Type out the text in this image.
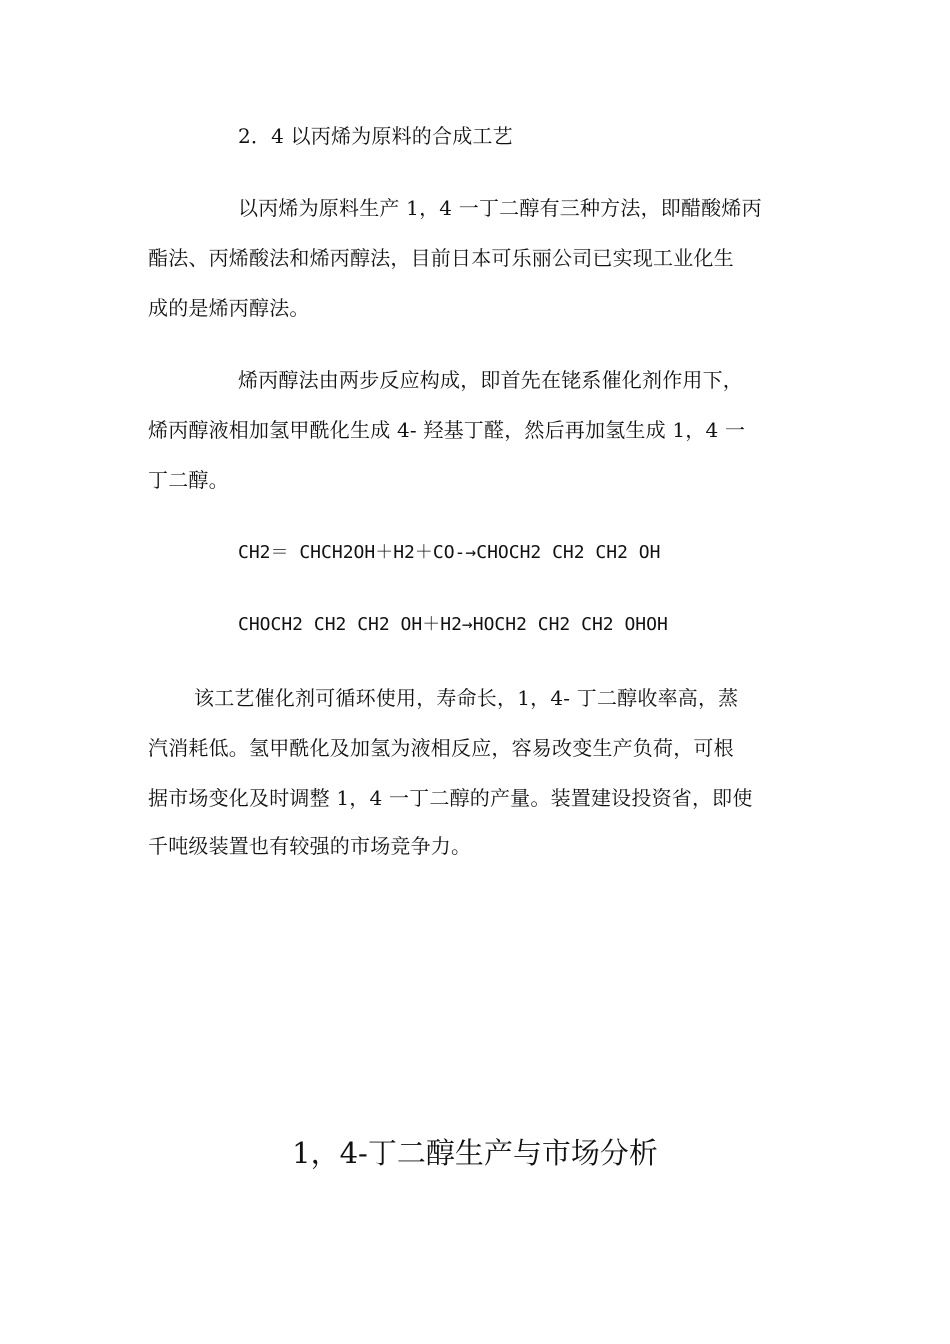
2．4 以丙烯为原料的合成工艺
以丙烯为原料生产 1，4 一丁二醇有三种方法，即醋酸烯丙
酯法、丙烯酸法和烯丙醇法，目前日本可乐丽公司已实现工业化生
成的是烯丙醇法。
烯丙醇法由两步反应构成，即首先在铑系催化剂作用下，
烯丙醇液相加氢甲酰化生成 4- 羟基丁醛，然后再加氢生成 1，4 一
丁二醇。
CH2＝ CHCH2OH＋H2＋CO-→CHOCH2 CH2 CH2 OH
CHOCH2 CH2 CH2 OH＋H2→HOCH2 CH2 CH2 OHOH
该工艺催化剂可循环使用，寿命长，1，4- 丁二醇收率高，蒸
汽消耗低。氢甲酰化及加氢为液相反应，容易改变生产负荷，可根
据市场变化及时调整 1，4 一丁二醇的产量。装置建设投资省，即使
千吨级装置也有较强的市场竞争力。
1，4-丁二醇生产与市场分析
